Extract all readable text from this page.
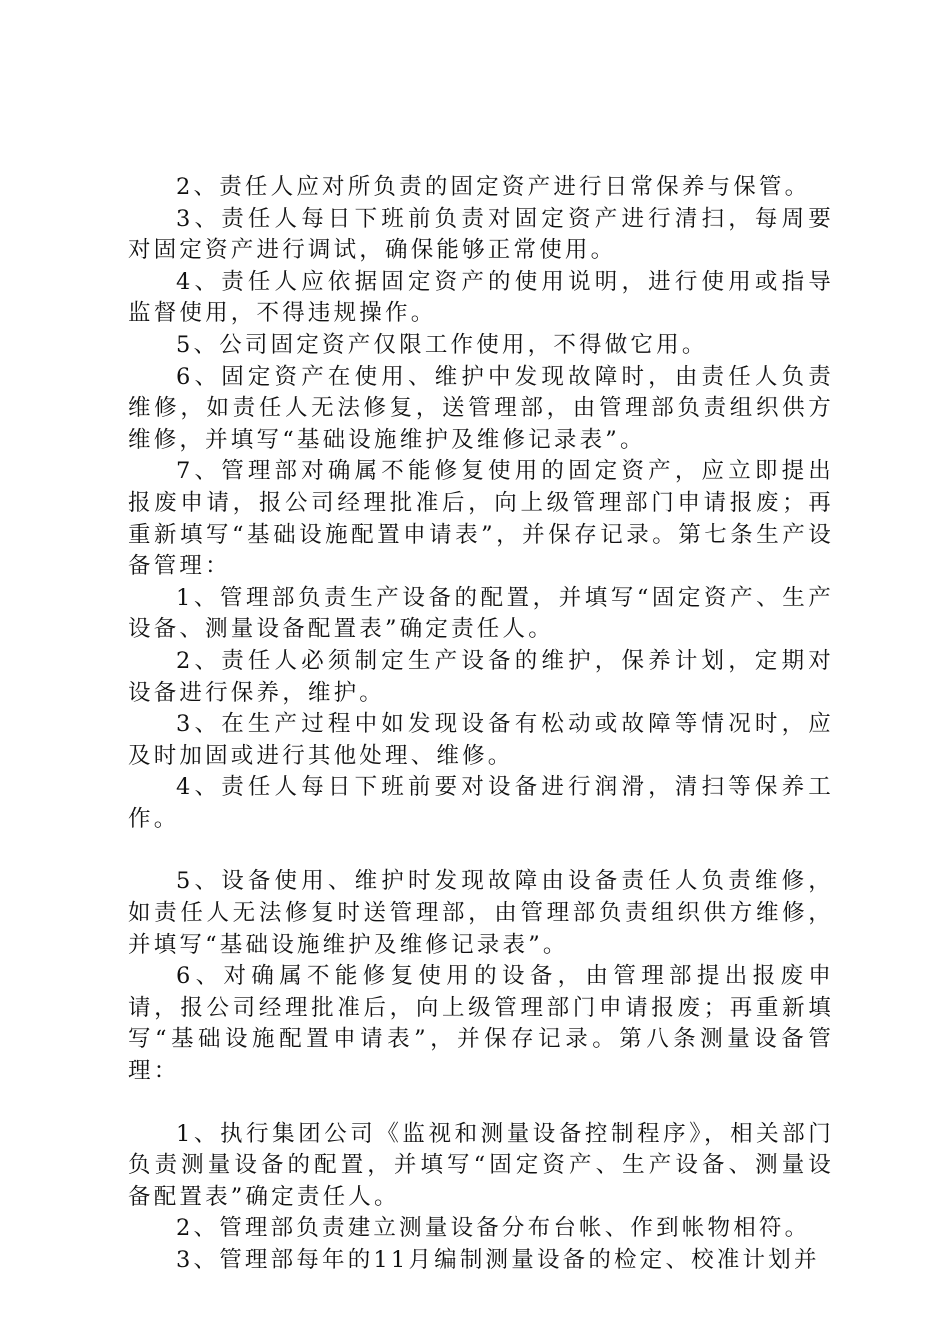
2、责任人应对所负责的固定资产进行日常保养与保管。

3、责任人每日下班前负责对固定资产进行清扫，每周要对固定资产进行调试，确保能够正常使用。

4、责任人应依据固定资产的使用说明，进行使用或指导监督使用，不得违规操作。

5、公司固定资产仅限工作使用，不得做它用。

6、固定资产在使用、维护中发现故障时，由责任人负责维修，如责任人无法修复，送管理部，由管理部负责组织供方维修，并填写“基础设施维护及维修记录表”。

7、管理部对确属不能修复使用的固定资产，应立即提出报废申请，报公司经理批准后，向上级管理部门申请报废；再重新填写“基础设施配置申请表”，并保存记录。第七条生产设备管理：

1、管理部负责生产设备的配置，并填写“固定资产、生产设备、测量设备配置表”确定责任人。

2、责任人必须制定生产设备的维护，保养计划，定期对设备进行保养，维护。

3、在生产过程中如发现设备有松动或故障等情况时，应及时加固或进行其他处理、维修。

4、责任人每日下班前要对设备进行润滑，清扫等保养工作。

5、设备使用、维护时发现故障由设备责任人负责维修，如责任人无法修复时送管理部，由管理部负责组织供方维修，并填写“基础设施维护及维修记录表”。

6、对确属不能修复使用的设备，由管理部提出报废申请，报公司经理批准后，向上级管理部门申请报废；再重新填写“基础设施配置申请表”，并保存记录。第八条测量设备管理：

1、执行集团公司《监视和测量设备控制程序》，相关部门负责测量设备的配置，并填写“固定资产、生产设备、测量设备配置表”确定责任人。

2、管理部负责建立测量设备分布台帐、作到帐物相符。

3、管理部每年的11月编制测量设备的检定、校准计划并
